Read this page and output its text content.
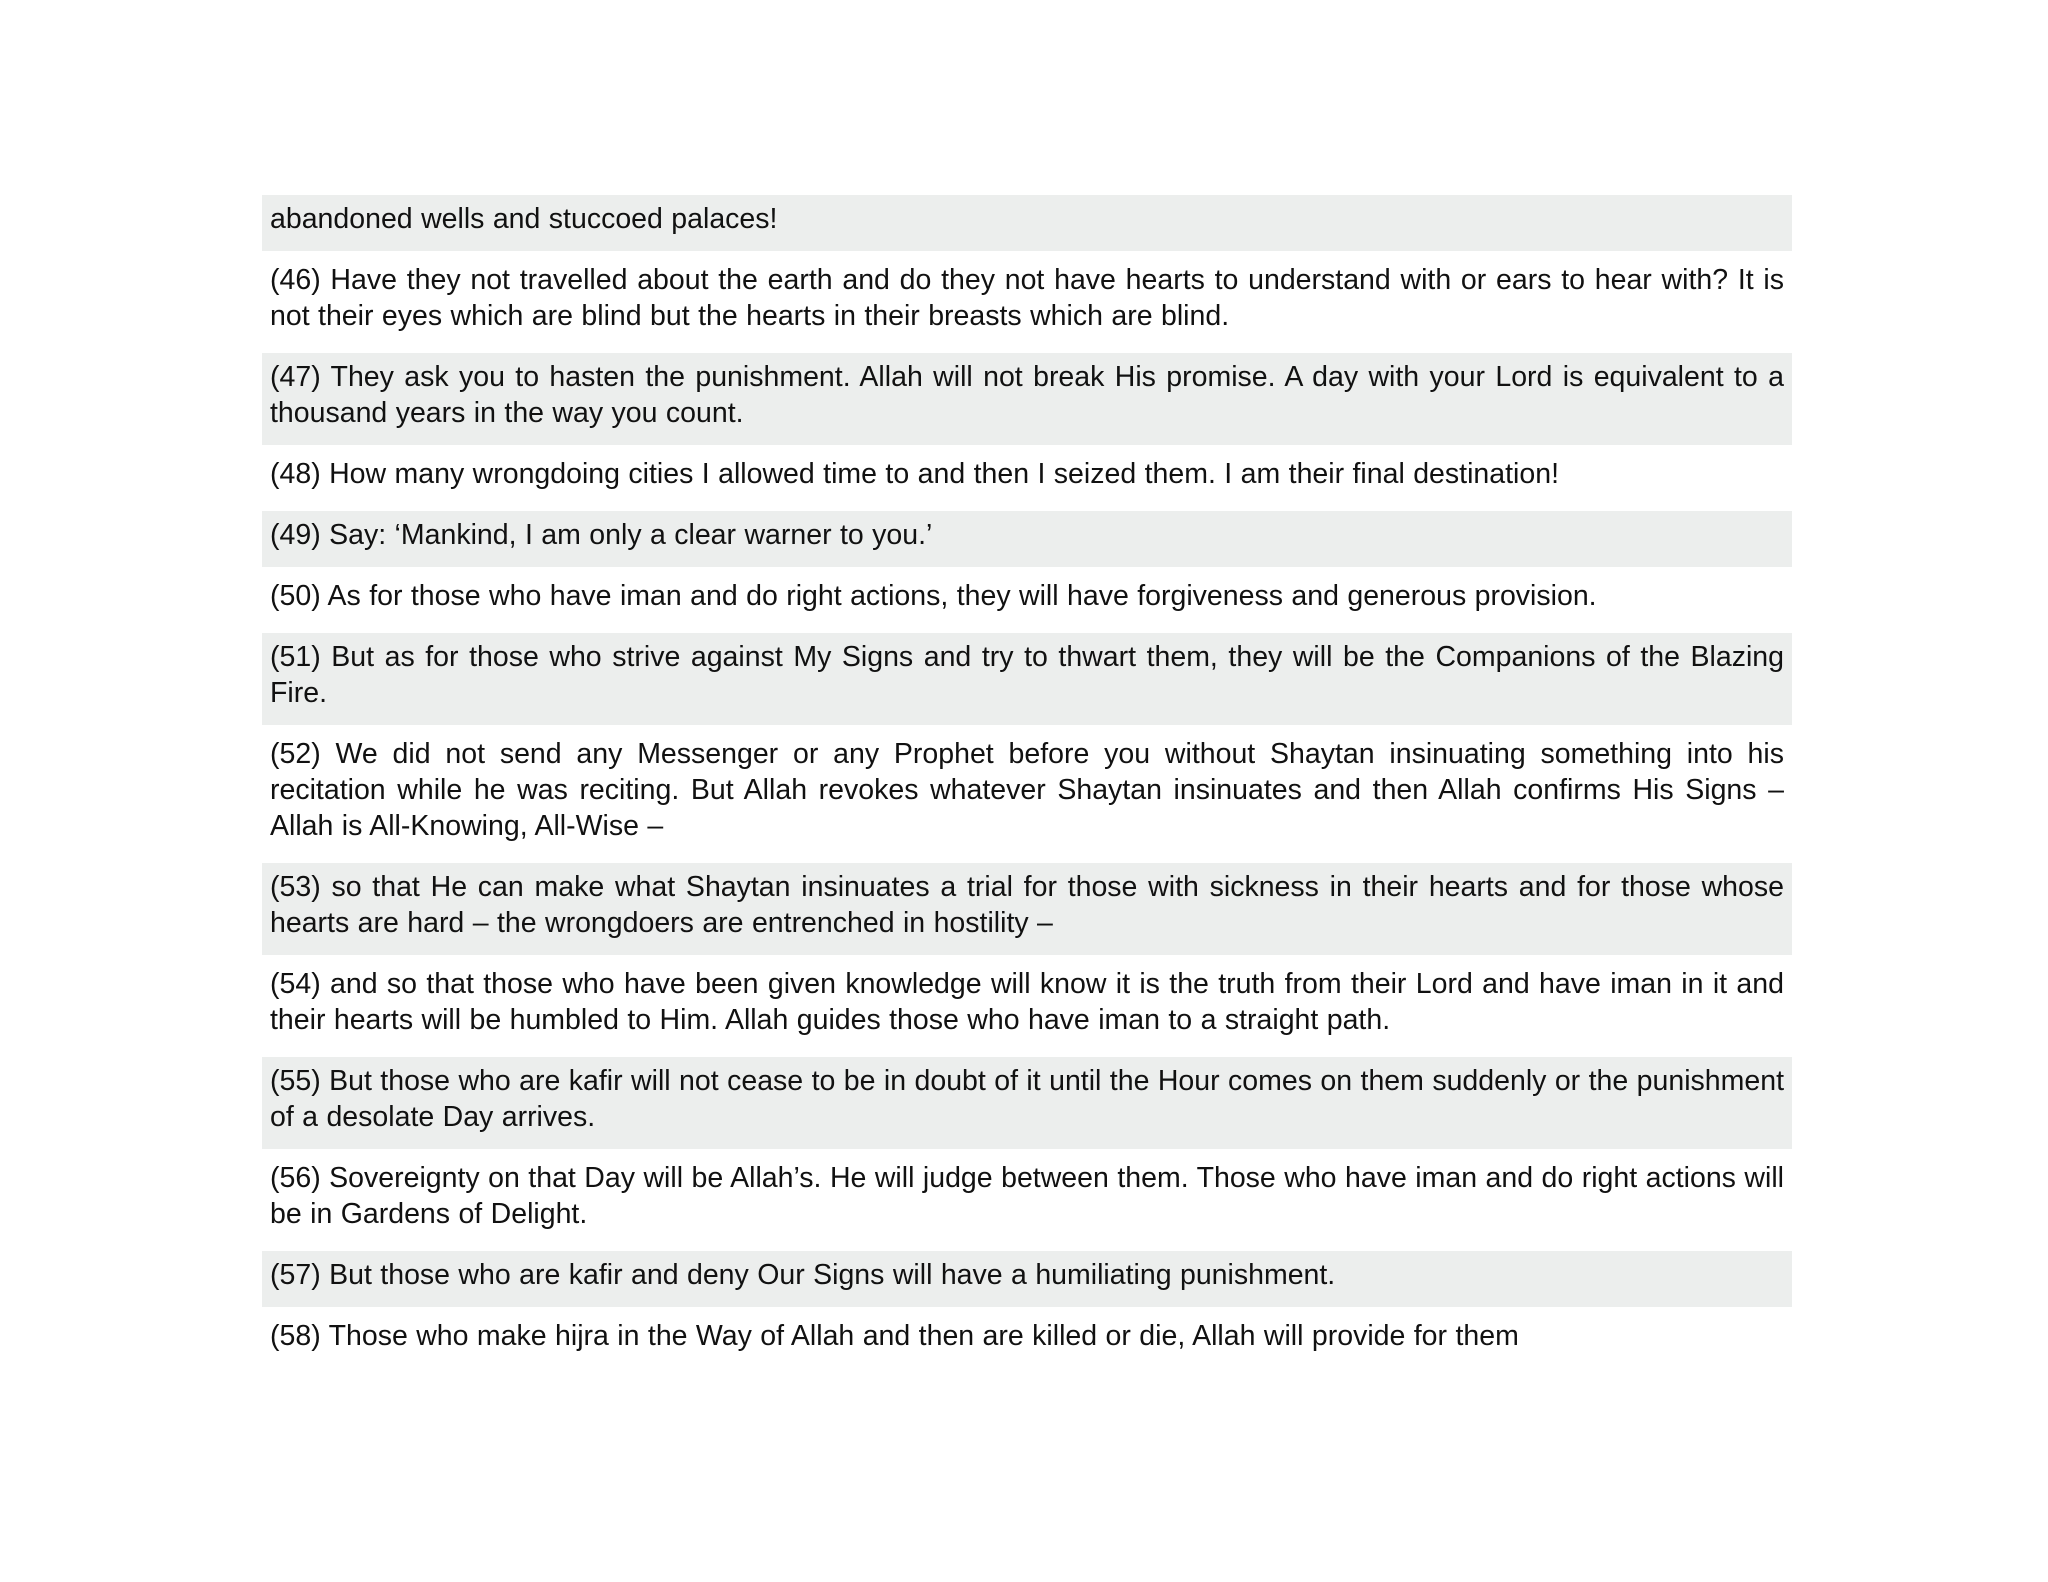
abandoned wells and stuccoed palaces!
(46) Have they not travelled about the earth and do they not have hearts to understand with or ears to hear with? It is not their eyes which are blind but the hearts in their breasts which are blind.
(47) They ask you to hasten the punishment. Allah will not break His promise. A day with your Lord is equivalent to a thousand years in the way you count.
(48) How many wrongdoing cities I allowed time to and then I seized them. I am their final destination!
(49) Say: ‘Mankind, I am only a clear warner to you.’
(50) As for those who have iman and do right actions, they will have forgiveness and generous provision.
(51) But as for those who strive against My Signs and try to thwart them, they will be the Companions of the Blazing Fire.
(52) We did not send any Messenger or any Prophet before you without Shaytan insinuating something into his recitation while he was reciting. But Allah revokes whatever Shaytan insinuates and then Allah confirms His Signs – Allah is All-Knowing, All-Wise –
(53) so that He can make what Shaytan insinuates a trial for those with sickness in their hearts and for those whose hearts are hard – the wrongdoers are entrenched in hostility –
(54) and so that those who have been given knowledge will know it is the truth from their Lord and have iman in it and their hearts will be humbled to Him. Allah guides those who have iman to a straight path.
(55) But those who are kafir will not cease to be in doubt of it until the Hour comes on them suddenly or the punishment of a desolate Day arrives.
(56) Sovereignty on that Day will be Allah’s. He will judge between them. Those who have iman and do right actions will be in Gardens of Delight.
(57) But those who are kafir and deny Our Signs will have a humiliating punishment.
(58) Those who make hijra in the Way of Allah and then are killed or die, Allah will provide for them
